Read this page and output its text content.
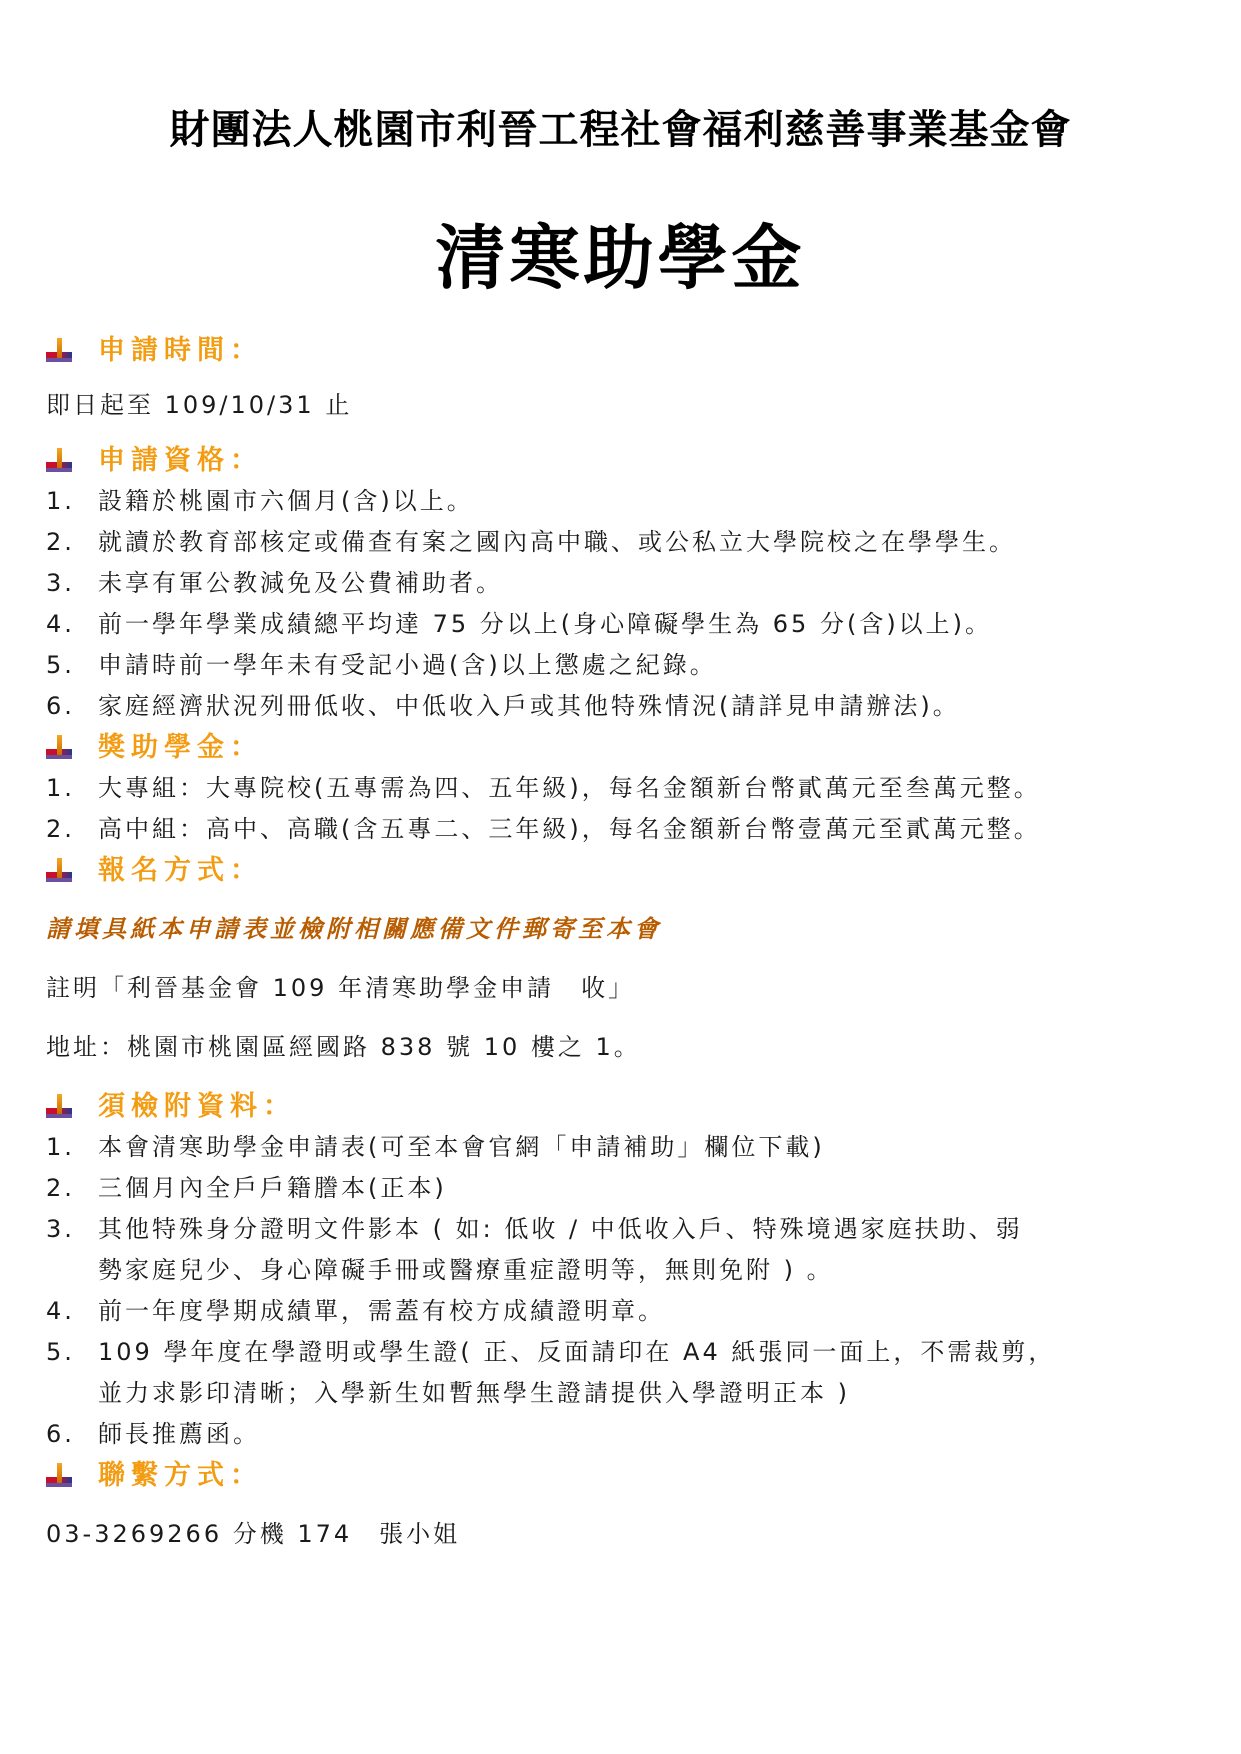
財團法人桃園市利晉工程社會福利慈善事業基金會
清寒助學金
申請時間：

即日起至 109/10/31 止

申請資格：
1. 設籍於桃園市六個月(含)以上。
2. 就讀於教育部核定或備查有案之國內高中職、或公私立大學院校之在學學生。
3. 未享有軍公教減免及公費補助者。
4. 前一學年學業成績總平均達 75 分以上(身心障礙學生為 65 分(含)以上)。
5. 申請時前一學年未有受記小過(含)以上懲處之紀錄。
6. 家庭經濟狀況列冊低收、中低收入戶或其他特殊情況(請詳見申請辦法)。
獎助學金：
1. 大專組：大專院校(五專需為四、五年級)，每名金額新台幣貳萬元至叁萬元整。
2. 高中組：高中、高職(含五專二、三年級)，每名金額新台幣壹萬元至貳萬元整。
報名方式：

請填具紙本申請表並檢附相關應備文件郵寄至本會

註明「利晉基金會 109 年清寒助學金申請　收」

地址：桃園市桃園區經國路 838 號 10 樓之 1。

須檢附資料：
1. 本會清寒助學金申請表(可至本會官網「申請補助」欄位下載)
2. 三個月內全戶戶籍謄本(正本)
3. 其他特殊身分證明文件影本 ( 如: 低收 / 中低收入戶、特殊境遇家庭扶助、弱
勢家庭兒少、身心障礙手冊或醫療重症證明等，無則免附 ) 。
4. 前一年度學期成績單，需蓋有校方成績證明章。
5. 109 學年度在學證明或學生證( 正、反面請印在 A4 紙張同一面上，不需裁剪，
並力求影印清晰；入學新生如暫無學生證請提供入學證明正本 )
6. 師長推薦函。
聯繫方式：

03-3269266 分機 174　張小姐
